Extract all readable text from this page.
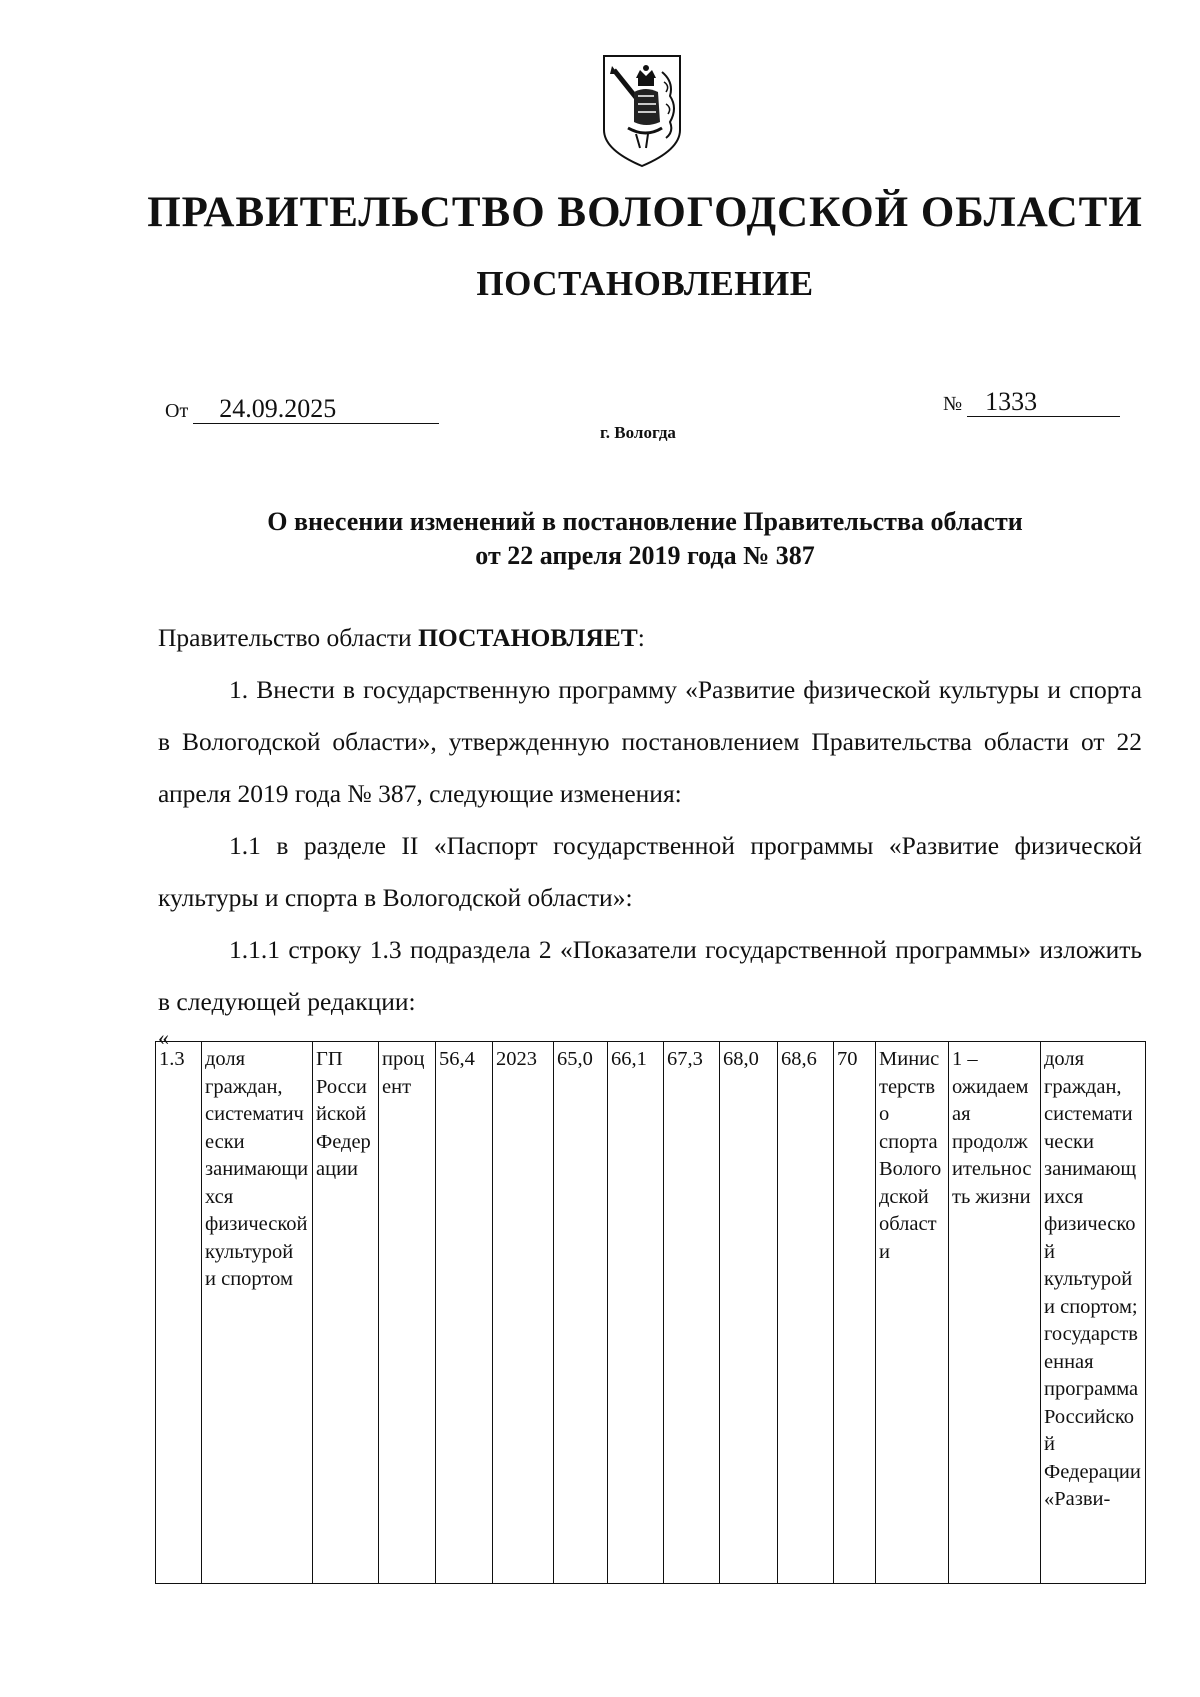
ПРАВИТЕЛЬСТВО ВОЛОГОДСКОЙ ОБЛАСТИ
ПОСТАНОВЛЕНИЕ
От 24.09.2025	№ 1333
г. Вологда
О внесении изменений в постановление Правительства области
от 22 апреля 2019 года № 387

Правительство области ПОСТАНОВЛЯЕТ:

1. Внести в государственную программу «Развитие физической культуры и спорта в Вологодской области», утвержденную постановлением Правительства области от 22 апреля 2019 года № 387, следующие изменения:

1.1 в разделе II «Паспорт государственной программы «Развитие физической культуры и спорта в Вологодской области»:

1.1.1 строку 1.3 подраздела 2 «Показатели государственной программы» изложить в следующей редакции:

«
1.3	доля граждан, систематически занимающихся физической культурой и спортом	ГП Российской Федерации	процент	56,4	2023	65,0	66,1	67,3	68,0	68,6	70	Министерство спорта Вологодской области	1 – ожидаемая продолжительность жизни	доля граждан, систематически занимающихся физической культурой и спортом; государственная программа Российской Федерации «Разви-
